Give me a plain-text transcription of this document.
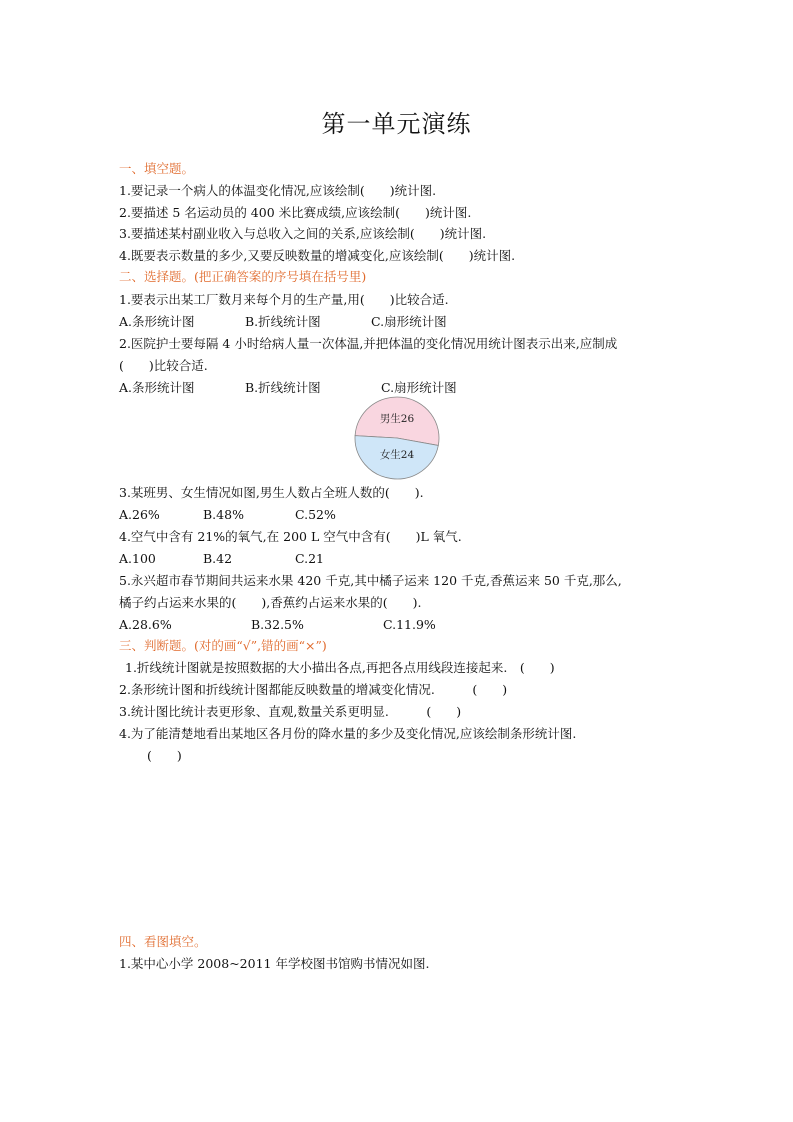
第一单元演练
一、填空题。
1.要记录一个病人的体温变化情况,应该绘制(　　)统计图.
2.要描述 5 名运动员的 400 米比赛成绩,应该绘制(　　)统计图.
3.要描述某村副业收入与总收入之间的关系,应该绘制(　　)统计图.
4.既要表示数量的多少,又要反映数量的增减变化,应该绘制(　　)统计图.
二、选择题。(把正确答案的序号填在括号里)
1.要表示出某工厂数月来每个月的生产量,用(　　)比较合适.
A.条形统计图	B.折线统计图	C.扇形统计图
2.医院护士要每隔 4 小时给病人量一次体温,并把体温的变化情况用统计图表示出来,应制成
(　　)比较合适.
A.条形统计图	B.折线统计图	C.扇形统计图
男生26
女生24
3.某班男、女生情况如图,男生人数占全班人数的(　　).
A.26%	B.48%	C.52%
4.空气中含有 21%的氧气,在 200 L 空气中含有(　　)L 氧气.
A.100	B.42	C.21
5.永兴超市春节期间共运来水果 420 千克,其中橘子运来 120 千克,香蕉运来 50 千克,那么,
橘子约占运来水果的(　　),香蕉约占运来水果的(　　).
A.28.6%	B.32.5%	C.11.9%
三、判断题。(对的画“√”,错的画“×”)
1.折线统计图就是按照数据的大小描出各点,再把各点用线段连接起来.　(　　)
2.条形统计图和折线统计图都能反映数量的增减变化情况.　　　(　　)
3.统计图比统计表更形象、直观,数量关系更明显.　　　(　　)
4.为了能清楚地看出某地区各月份的降水量的多少及变化情况,应该绘制条形统计图.
(　　)
四、看图填空。
1.某中心小学 2008~2011 年学校图书馆购书情况如图.
